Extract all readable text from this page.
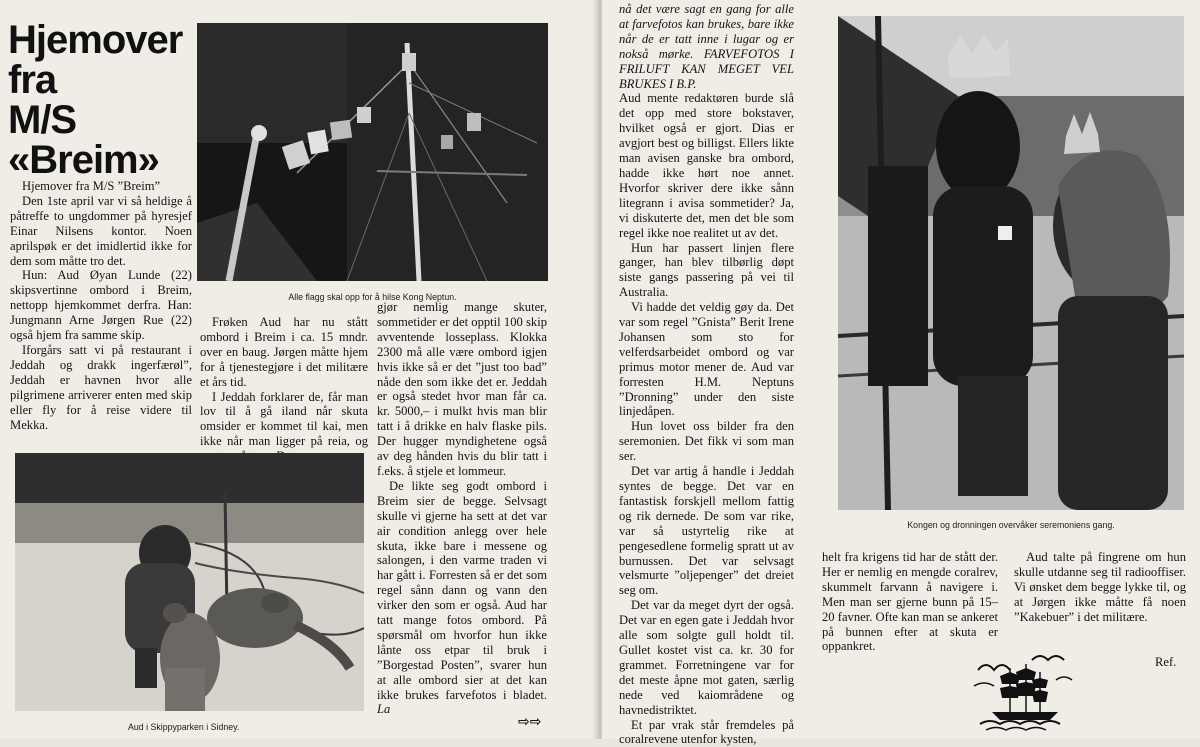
Hjemover
fra
M/S
«Breim»
Alle flagg skal opp for å hilse Kong Neptun.

Hjemover fra M/S ”Breim”

Den 1ste april var vi så heldige å påtreffe to ungdommer på hyresjef Einar Nilsens kontor. Noen aprilspøk er det imidlertid ikke for dem som måtte tro det.

Hun: Aud Øyan Lunde (22) skipsvertinne ombord i Breim, nettopp hjemkommet derfra. Han: Jungmann Arne Jørgen Rue (22) også hjem fra samme skip.

Iforgårs satt vi på restaurant i Jeddah og drakk ingerfærøl”, Jeddah er havnen hvor alle pilgrimene arriverer enten med skip eller fly for å reise videre til Mekka.

Frøken Aud har nu stått ombord i Breim i ca. 15 mndr. over en baug. Jørgen måtte hjem for å tjenestegjøre i det militære et års tid.

I Jeddah forklarer de, får man lov til å gå iland når skuta omsider er kommet til kai, men ikke når man ligger på reia, og

gjør nemlig mange skuter, sommetider er det opptil 100 skip avventende losseplass. Klokka 2300 må alle være ombord igjen hvis ikke så er det ”just too bad” nåde den som ikke det er. Jeddah er også stedet hvor man får ca. kr. 5000,– i mulkt hvis man blir tatt i å drikke en halv flaske pils. Der hugger myndighetene også av deg hånden hvis du blir tatt i f.eks. å stjele et lommeur.

De likte seg godt ombord i Breim sier de begge. Selvsagt skulle vi gjerne ha sett at det var air condition anlegg over hele skuta, ikke bare i messene og salongen, i den varme traden vi har gått i. Forresten så er det som regel sånn dann og vann den virker den som er også. Aud har tatt mange fotos ombord. På spørsmål om hvorfor hun ikke lånte oss etpar til bruk i ”Borgestad Posten”, svarer hun at alle ombord sier at det kan ikke brukes farvefotos i bladet. La

⇨⇨
Aud i Skippyparken i Sidney.

nå det være sagt en gang for alle at farvefotos kan brukes, bare ikke når de er tatt inne i lugar og er nokså mørke. FARVEFOTOS I FRILUFT KAN MEGET VEL BRUKES I B.P.

Aud mente redaktøren burde slå det opp med store bokstaver, hvilket også er gjort. Dias er avgjort best og billigst. Ellers likte man avisen ganske bra ombord, hadde ikke hørt noe annet. Hvorfor skriver dere ikke sånn litegrann i avisa sommetider? Ja, vi diskuterte det, men det ble som regel ikke noe realitet ut av det.

Hun har passert linjen flere ganger, han blev tilbørlig døpt siste gangs passering på vei til Australia.

Vi hadde det veldig gøy da. Det var som regel ”Gnista” Berit Irene Johansen som sto for velferdsarbeidet ombord og var primus motor mener de. Aud var forresten H.M. Neptuns ”Dronning” under den siste linjedåpen.

Hun lovet oss bilder fra den seremonien. Det fikk vi som man ser.

Det var artig å handle i Jeddah syntes de begge. Det var en fantastisk forskjell mellom fattig og rik dernede. De som var rike, var så ustyrtelig rike at pengesedlene formelig spratt ut av burnussen. Det var selvsagt velsmurte ”oljepenger” det dreiet seg om.

Det var da meget dyrt der også. Det var en egen gate i Jeddah hvor alle som solgte gull holdt til. Gullet kostet vist ca. kr. 30 for grammet. Forretningene var for det meste åpne mot gaten, særlig nede ved kaiområdene og havnedistriktet.

Et par vrak står fremdeles på coralrevene utenfor kysten,

Kongen og dronningen overvåker seremoniens gang.

helt fra krigens tid har de stått der. Her er nemlig en mengde coralrev, skummelt farvann å navigere i. Men man ser gjerne bunn på 15–20 favner. Ofte kan man se ankeret på bunnen efter at skuta er oppankret.

Aud talte på fingrene om hun skulle utdanne seg til radiooffiser. Vi ønsket dem begge lykke til, og at Jørgen ikke måtte få noen ”Kakebuer” i det militære.

Ref.
